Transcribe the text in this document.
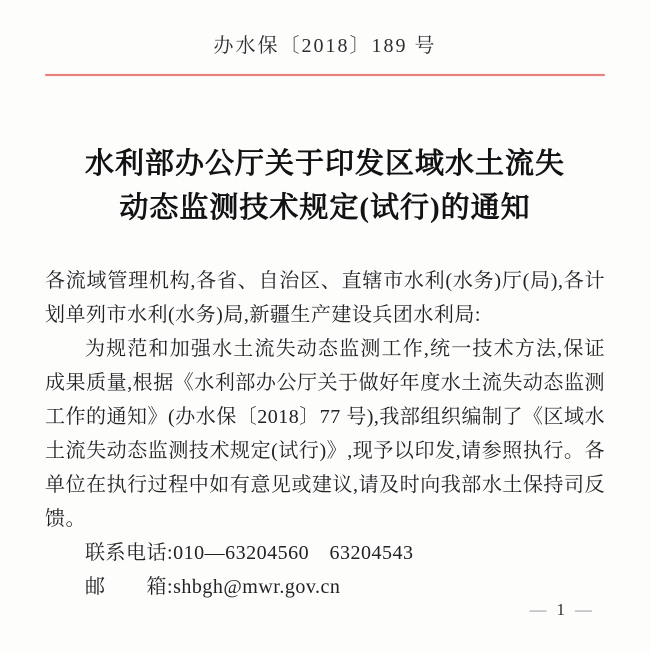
办水保〔2018〕189 号
水利部办公厅关于印发区域水土流失
动态监测技术规定(试行)的通知

各流域管理机构,各省、自治区、直辖市水利(水务)厅(局),各计划单列市水利(水务)局,新疆生产建设兵团水利局:

为规范和加强水土流失动态监测工作,统一技术方法,保证成果质量,根据《水利部办公厅关于做好年度水土流失动态监测工作的通知》(办水保〔2018〕77 号),我部组织编制了《区域水土流失动态监测技术规定(试行)》,现予以印发,请参照执行。各单位在执行过程中如有意见或建议,请及时向我部水土保持司反馈。

联系电话:010—63204560　63204543

邮　　箱:shbgh@mwr.gov.cn

— 1 —
